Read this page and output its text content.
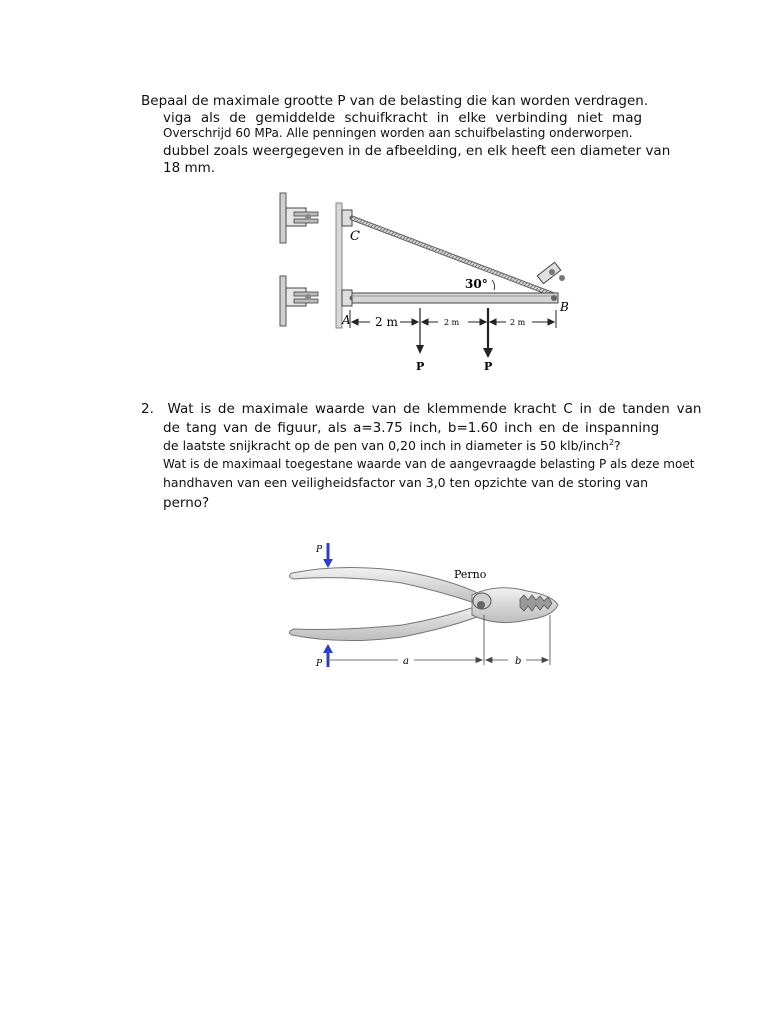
Bepaal de maximale grootte P van de belasting die kan worden verdragen.

viga als de gemiddelde schuifkracht in elke verbinding niet mag

Overschrijd 60 MPa. Alle penningen worden aan schuifbelasting onderworpen.

dubbel zoals weergegeven in de afbeelding, en elk heeft een diameter van

18 mm.

C
A
B
30°
2 m	2 m	2 m
P	P

2. Wat is de maximale waarde van de klemmende kracht C in de tanden van

de tang van de figuur, als a=3.75 inch, b=1.60 inch en de inspanning

de laatste snijkracht op de pen van 0,20 inch in diameter is 50 klb/inch$^2$?

Wat is de maximaal toegestane waarde van de aangevraagde belasting P als deze moet

handhaven van een veiligheidsfactor van 3,0 ten opzichte van de storing van

perno?

Perno
P
P	a	b
